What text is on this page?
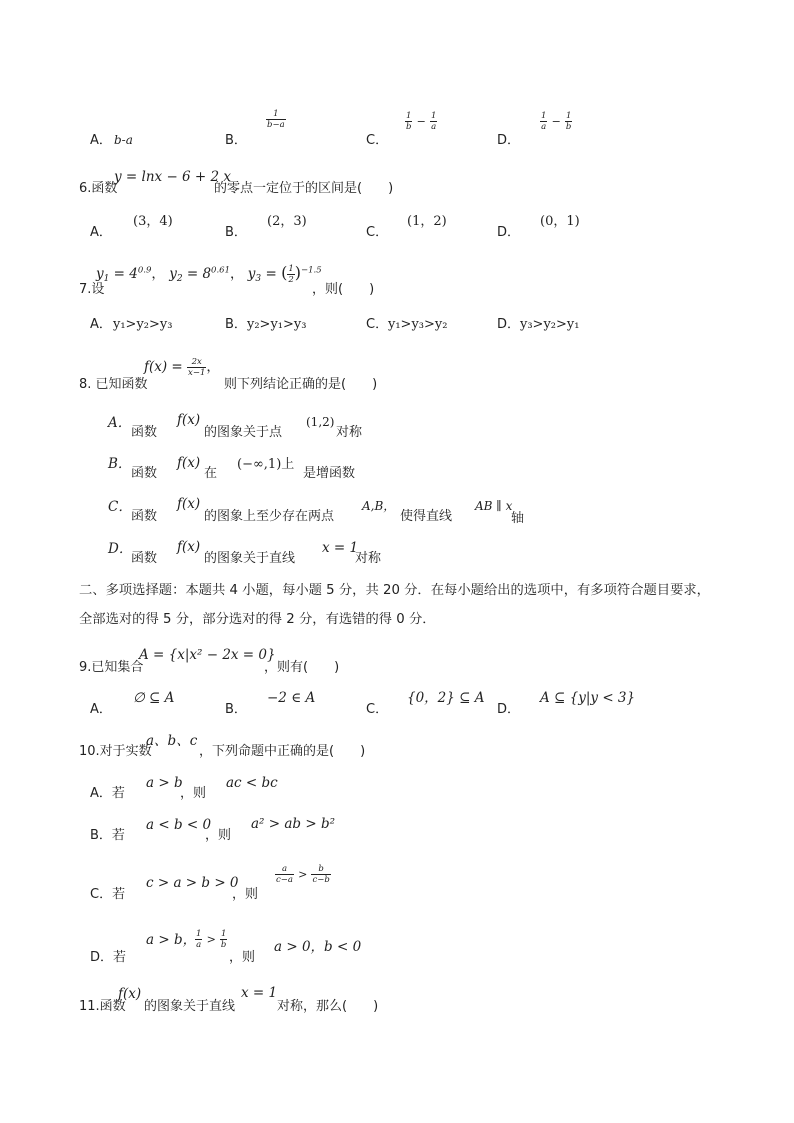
A． b-a	B．
$\frac{1}{b-a}$
C．
$\frac{1}{b} - \frac{1}{a}$
D．
$\frac{1}{a} - \frac{1}{b}$
6.函数
y = lnx − 6 + 2 x
的零点一定位于的区间是(　　)
A．
(3，4)
B．
(2，3)
C．
(1，2)
D．
(0，1)
7.设
$y_1 = 4^{0.9}$， $y_2 = 8^{0.61}$， $y_3$ = ( $\frac{1}{2} )^{-1.5}$
，则(　　)
A． y₁>y₂>y₃	B． y₂>y₁>y₃	C． y₁>y₃>y₂	D． y₃>y₂>y₁
8. 已知函数
$f(x) = \frac{2x}{x-1}$ ，
则下列结论正确的是(　　)
A．
函数
f(x)
的图象关于点
(1,2)
对称
B．
函数
f(x)
在
(−∞,1)上
是增函数
C．
函数
f(x)
的图象上至少存在两点
A,B，
使得直线
AB ∥ x
轴
D．
函数
f(x)
的图象关于直线
x = 1
对称
二、多项选择题：本题共 4 小题，每小题 5 分，共 20 分．在每小题给出的选项中，有多项符合题目要求，
全部选对的得 5 分，部分选对的得 2 分，有选错的得 0 分．
9.已知集合
A = {x|x² − 2x = 0}
，则有(　　)
A．
∅ ⊆ A
B．
−2 ∈ A
C．
{0，2} ⊆ A
D．
A ⊆ {y|y < 3}
10.对于实数
a、b、c
，下列命题中正确的是(　　)
A．若
a > b
，则
ac < bc
B．若
a < b < 0
，则
a² > ab > b²
C．若
c > a > b > 0
，则
$\frac{a}{c-a} > \frac{b}{c-b}$
D．若
a > b，
$\frac{1}{a} > \frac{1}{b}$
，则
a > 0，b < 0
11.函数
f(x)
的图象关于直线
x = 1
对称，那么(　　)
